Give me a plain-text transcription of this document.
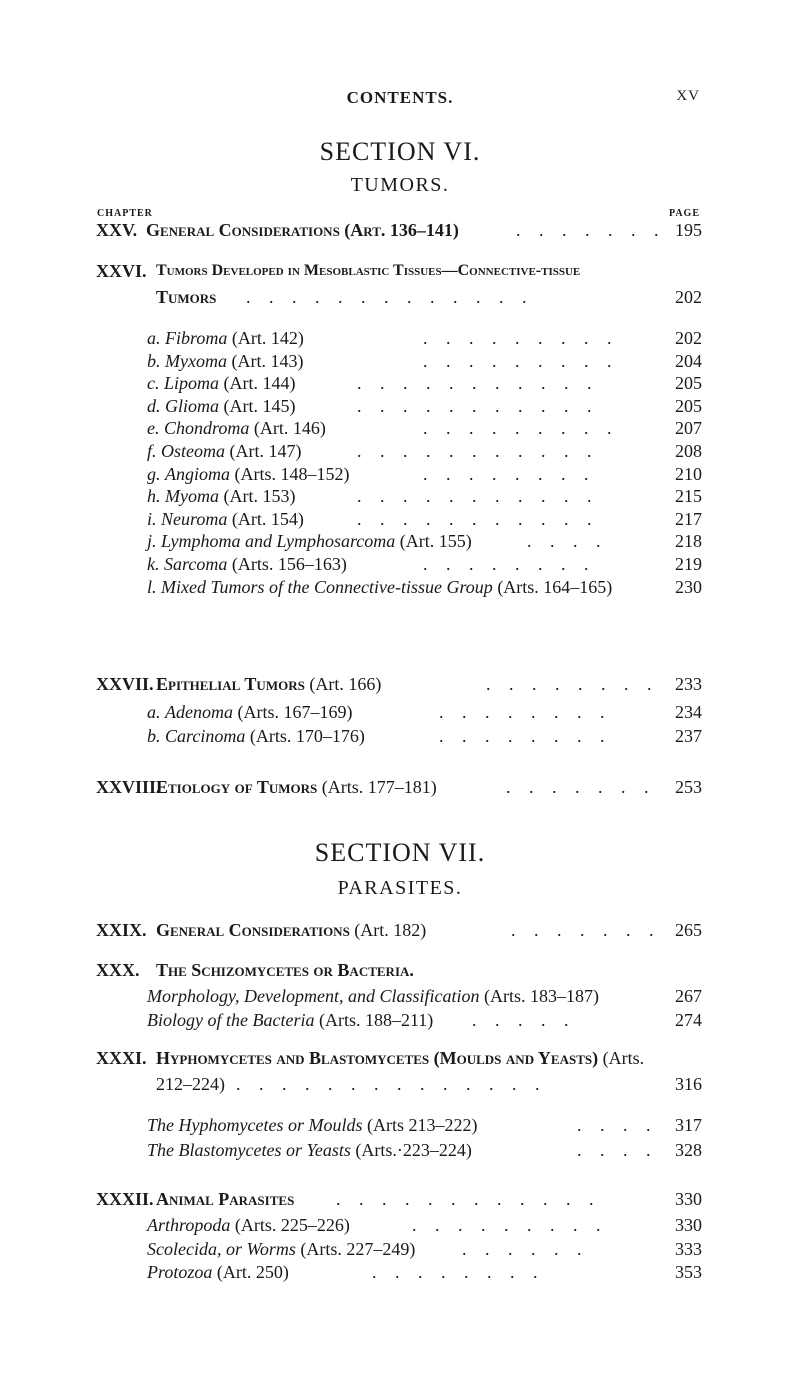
CONTENTS.	XV
SECTION VI.
TUMORS.
CHAPTER	PAGE
XXV. General Considerations (Art. 136–141)	. . . . . . . 195
XXVI. Tumors Developed in Mesoblastic Tissues—Connective-tissue
Tumors . . . . . . . . . . . . .	202
a. Fibroma (Art. 142)	. . . . . . . . .	202
b. Myxoma (Art. 143)	. . . . . . . . .	204
c. Lipoma (Art. 144)	. . . . . . . . . . .	205
d. Glioma (Art. 145)	. . . . . . . . . . .	205
e. Chondroma (Art. 146)	. . . . . . . . .	207
f. Osteoma (Art. 147)	. . . . . . . . . . .	208
g. Angioma (Arts. 148–152)	. . . . . . . .	210
h. Myoma (Art. 153)	. . . . . . . . . . .	215
i. Neuroma (Art. 154)	. . . . . . . . . . .	217
j. Lymphoma and Lymphosarcoma (Art. 155)	. . . .	218
k. Sarcoma (Arts. 156–163)	. . . . . . . .	219
l. Mixed Tumors of the Connective-tissue Group (Arts. 164–165)	230
XXVII. Epithelial Tumors (Art. 166)	. . . . . . . . 233
a. Adenoma (Arts. 167–169)	. . . . . . . .	234
b. Carcinoma (Arts. 170–176)	. . . . . . . .	237
XXVIII.
Etiology of Tumors (Arts. 177–181)	. . . . . . . 253
SECTION VII.
PARASITES.
XXIX. General Considerations (Art. 182)	. . . . . . . 265
XXX. The Schizomycetes or Bacteria.
Morphology, Development, and Classification (Arts. 183–187)	267
Biology of the Bacteria (Arts. 188–211) . . . . .	274
XXXI. Hyphomycetes and Blastomycetes (Moulds and Yeasts) (Arts.
212–224) . . . . . . . . . . . . . .	316
The Hyphomycetes or Moulds (Arts 213–222)	. . . . 317
The Blastomycetes or Yeasts (Arts.·223–224)	. . . . 328
XXXII. Animal Parasites . . . . . . . . . . . .	330
Arthropoda (Arts. 225–226)	. . . . . . . . .	330
Scolecida, or Worms (Arts. 227–249)	. . . . . .	333
Protozoa (Art. 250)	. . . . . . . .	353
